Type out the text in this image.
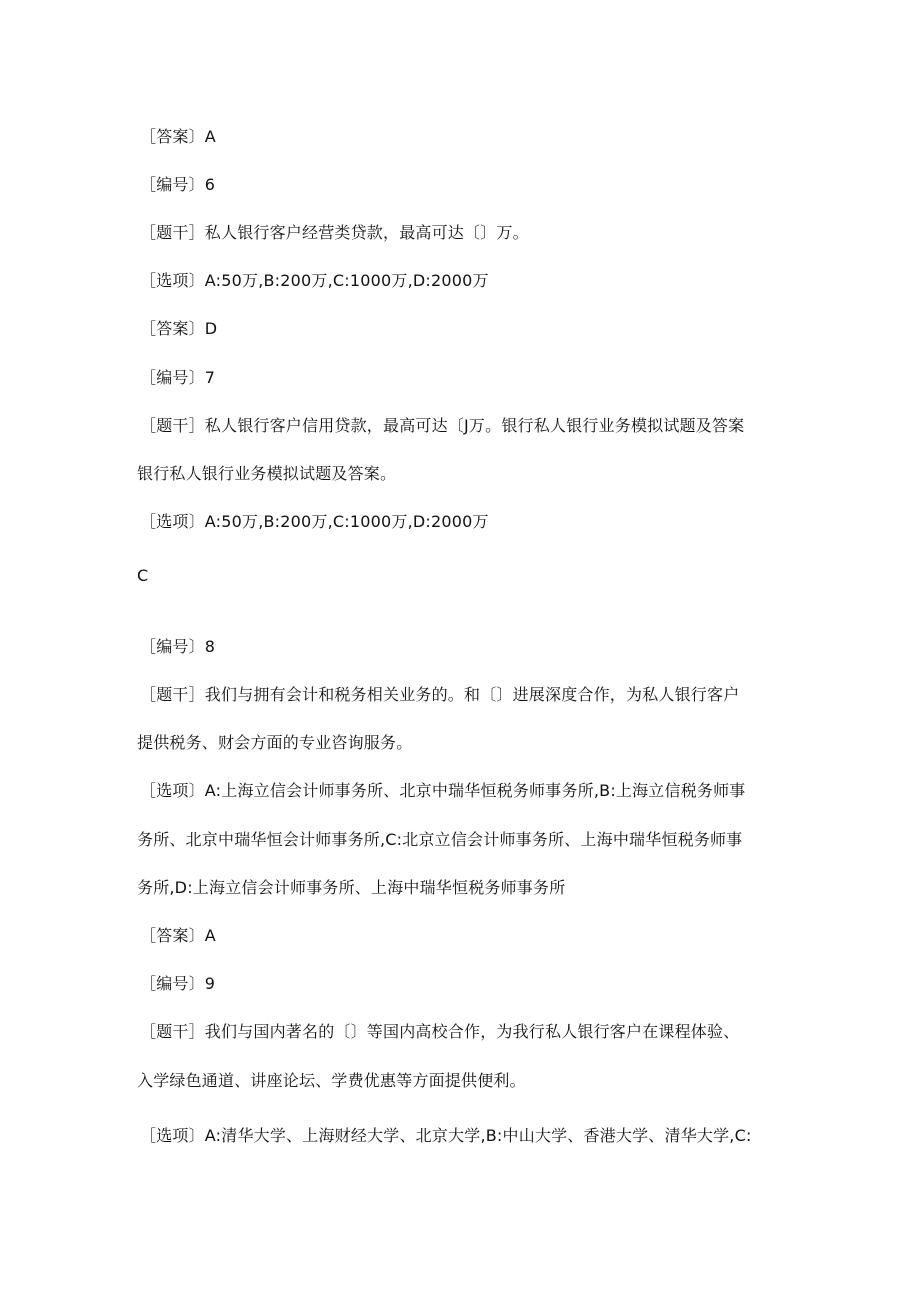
［答案〕A
［编号〕6
［题干］私人银行客户经营类贷款，最高可达〔〕万。
［选项〕A:50万,B:200万,C:1000万,D:2000万
［答案〕D
［编号〕7
［题干］私人银行客户信用贷款，最高可达〔J万。银行私人银行业务模拟试题及答案
银行私人银行业务模拟试题及答案。
［选项〕A:50万,B:200万,C:1000万,D:2000万
C
［编号〕8
［题干］我们与拥有会计和税务相关业务的。和〔〕进展深度合作，为私人银行客户
提供税务、财会方面的专业咨询服务。
［选项〕A:上海立信会计师事务所、北京中瑞华恒税务师事务所,B:上海立信税务师事
务所、北京中瑞华恒会计师事务所,C:北京立信会计师事务所、上海中瑞华恒税务师事
务所,D:上海立信会计师事务所、上海中瑞华恒税务师事务所
［答案〕A
［编号〕9
［题干］我们与国内著名的〔〕等国内高校合作，为我行私人银行客户在课程体验、
入学绿色通道、讲座论坛、学费优惠等方面提供便利。
［选项〕A:清华大学、上海财经大学、北京大学,B:中山大学、香港大学、清华大学,C:
